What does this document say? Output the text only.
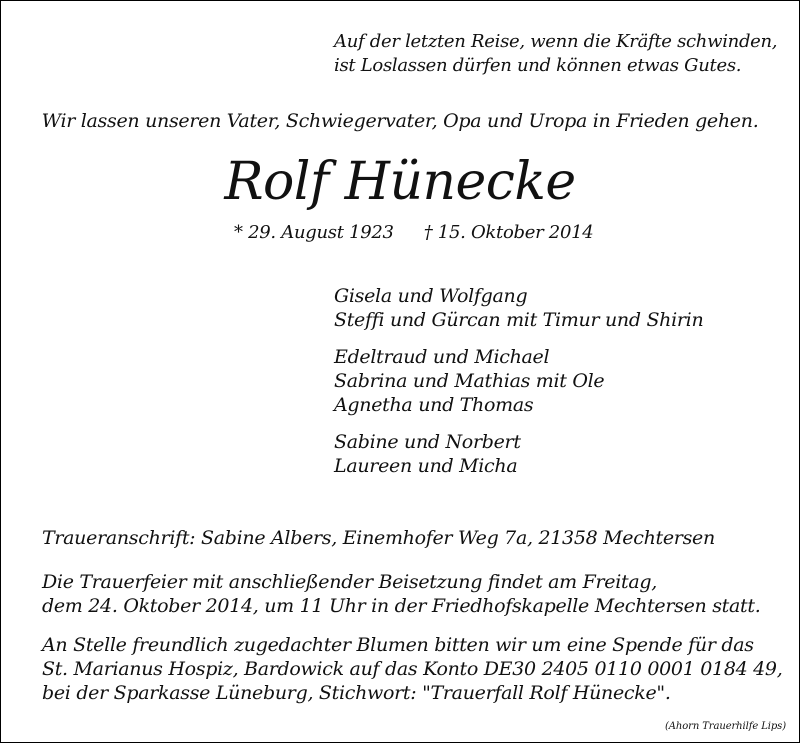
Auf der letzten Reise, wenn die Kräfte schwinden,
ist Loslassen dürfen und können etwas Gutes.
Wir lassen unseren Vater, Schwiegervater, Opa und Uropa in Frieden gehen.
Rolf Hünecke
* 29. August 1923 † 15. Oktober 2014
Gisela und Wolfgang
Steffi und Gürcan mit Timur und Shirin
Edeltraud und Michael
Sabrina und Mathias mit Ole
Agnetha und Thomas
Sabine und Norbert
Laureen und Micha
Traueranschrift: Sabine Albers, Einemhofer Weg 7a, 21358 Mechtersen
Die Trauerfeier mit anschließender Beisetzung findet am Freitag,
dem 24. Oktober 2014, um 11 Uhr in der Friedhofskapelle Mechtersen statt.
An Stelle freundlich zugedachter Blumen bitten wir um eine Spende für das
St. Marianus Hospiz, Bardowick auf das Konto DE30 2405 0110 0001 0184 49,
bei der Sparkasse Lüneburg, Stichwort: "Trauerfall Rolf Hünecke".
(Ahorn Trauerhilfe Lips)
